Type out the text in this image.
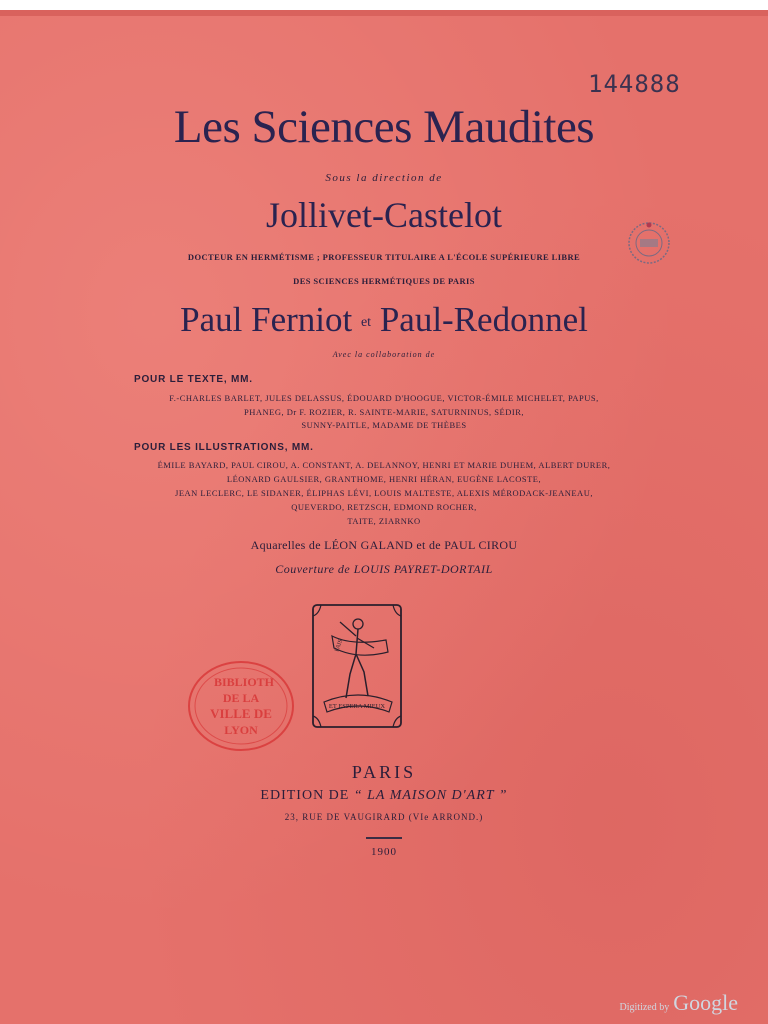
144888
Les Sciences Maudites
Sous la direction de
Jollivet-Castelot
DOCTEUR EN HERMÉTISME ; PROFESSEUR TITULAIRE A L'ÉCOLE SUPÉRIEURE LIBRE
DES SCIENCES HERMÉTIQUES DE PARIS
Paul Ferniot et Paul-Redonnel
Avec la collaboration de
POUR LE TEXTE, MM.
F.-CHARLES BARLET, JULES DELASSUS, ÉDOUARD D'HOOGUE, VICTOR-ÉMILE MICHELET, PAPUS,
PHANEG, Dr F. ROZIER, R. SAINTE-MARIE, SATURNINUS, SÉDIR,
SUNNY-PAITLE, MADAME DE THÈBES
POUR LES ILLUSTRATIONS, MM.
ÉMILE BAYARD, PAUL CIROU, A. CONSTANT, A. DELANNOY, HENRI ET MARIE DUHEM, ALBERT DURER,
LÉONARD GAULSIER, GRANTHOME, HENRI HÉRAN, EUGÈNE LACOSTE,
JEAN LECLERC, LE SIDANER, ÉLIPHAS LÉVI, LOUIS MALTESTE, ALEXIS MÉRODACK-JEANEAU,
QUEVERDO, RETZSCH, EDMOND ROCHER,
TAITE, ZIARNKO
Aquarelles de LÉON GALAND et de PAUL CIROU
Couverture de LOUIS PAYRET-DORTAIL
FAIS
ET ESPERA MIEUX
BIBLIOTH
DE LA
VILLE DE
LYON
PARIS
EDITION DE “ LA MAISON D'ART ”
23, RUE DE VAUGIRARD (VIe ARROND.)
1900
Digitized by Google
